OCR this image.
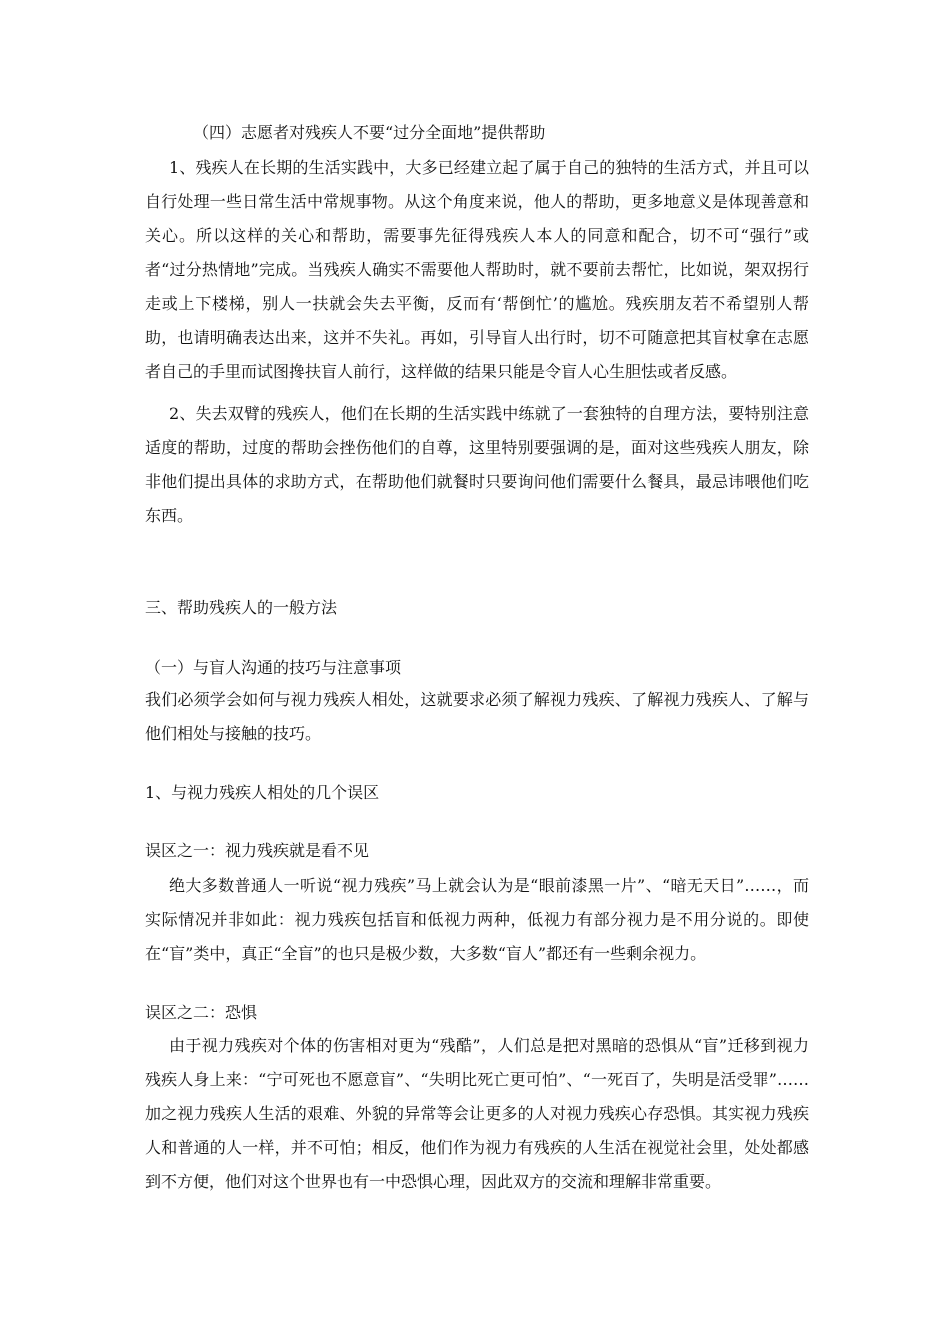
（四）志愿者对残疾人不要“过分全面地”提供帮助
1、残疾人在长期的生活实践中，大多已经建立起了属于自己的独特的生活方式，并且可以自行处理一些日常生活中常规事物。从这个角度来说，他人的帮助，更多地意义是体现善意和关心。所以这样的关心和帮助，需要事先征得残疾人本人的同意和配合，切不可“强行”或者“过分热情地”完成。当残疾人确实不需要他人帮助时，就不要前去帮忙，比如说，架双拐行走或上下楼梯，别人一扶就会失去平衡，反而有‘帮倒忙’的尴尬。残疾朋友若不希望别人帮助，也请明确表达出来，这并不失礼。再如，引导盲人出行时，切不可随意把其盲杖拿在志愿者自己的手里而试图搀扶盲人前行，这样做的结果只能是令盲人心生胆怯或者反感。
2、失去双臂的残疾人，他们在长期的生活实践中练就了一套独特的自理方法，要特别注意适度的帮助，过度的帮助会挫伤他们的自尊，这里特别要强调的是，面对这些残疾人朋友，除非他们提出具体的求助方式，在帮助他们就餐时只要询问他们需要什么餐具，最忌讳喂他们吃东西。
三、帮助残疾人的一般方法
（一）与盲人沟通的技巧与注意事项
我们必须学会如何与视力残疾人相处，这就要求必须了解视力残疾、了解视力残疾人、了解与他们相处与接触的技巧。
1、与视力残疾人相处的几个误区
误区之一：视力残疾就是看不见
绝大多数普通人一听说“视力残疾”马上就会认为是“眼前漆黑一片”、“暗无天日”……，而实际情况并非如此：视力残疾包括盲和低视力两种，低视力有部分视力是不用分说的。即使在“盲”类中，真正“全盲”的也只是极少数，大多数“盲人”都还有一些剩余视力。
误区之二：恐惧
由于视力残疾对个体的伤害相对更为“残酷”，人们总是把对黑暗的恐惧从“盲”迁移到视力残疾人身上来：“宁可死也不愿意盲”、“失明比死亡更可怕”、“一死百了，失明是活受罪”……加之视力残疾人生活的艰难、外貌的异常等会让更多的人对视力残疾心存恐惧。其实视力残疾人和普通的人一样，并不可怕；相反，他们作为视力有残疾的人生活在视觉社会里，处处都感到不方便，他们对这个世界也有一中恐惧心理，因此双方的交流和理解非常重要。
